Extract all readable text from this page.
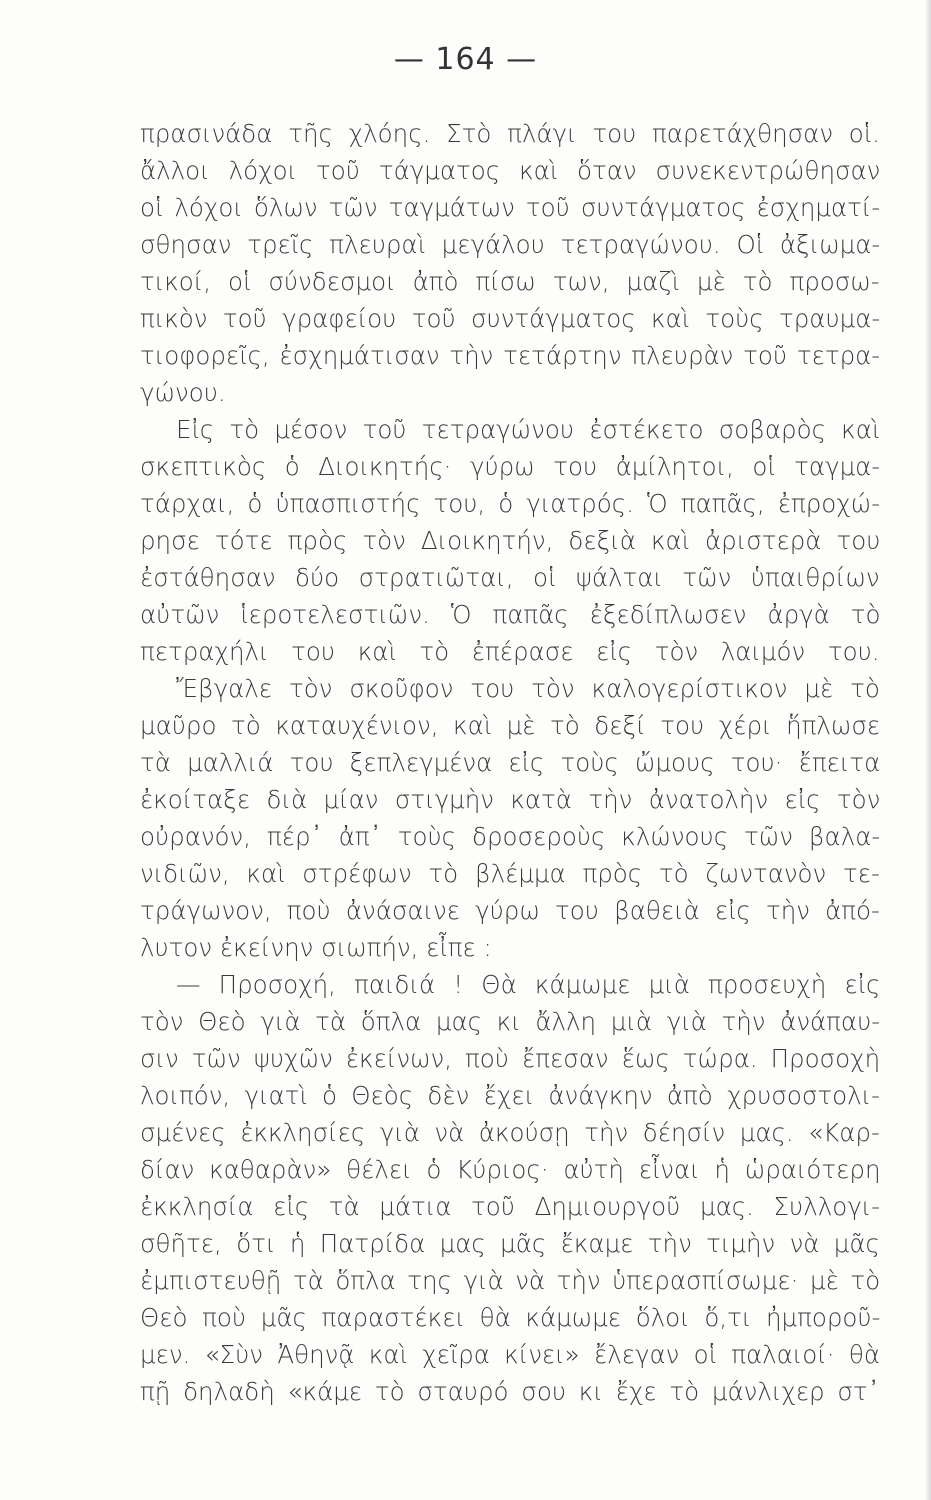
— 164 —
πρασινάδα τῆς χλόης. Στὸ πλάγι του παρετάχθησαν οἱ.
ἄλλοι λόχοι τοῦ τάγματος καὶ ὅταν συνεκεντρώθησαν
οἱ λόχοι ὅλων τῶν ταγμάτων τοῦ συντάγματος ἐσχηματί-
σθησαν τρεῖς πλευραὶ μεγάλου τετραγώνου. Οἱ ἀξιωμα-
τικοί, οἱ σύνδεσμοι ἀπὸ πίσω των, μαζὶ μὲ τὸ προσω-
πικὸν τοῦ γραφείου τοῦ συντάγματος καὶ τοὺς τραυμα-
τιοφορεῖς, ἐσχημάτισαν τὴν τετάρτην πλευρὰν τοῦ τετρα-
γώνου.
Εἰς τὸ μέσον τοῦ τετραγώνου ἐστέκετο σοβαρὸς καὶ
σκεπτικὸς ὁ Διοικητής· γύρω του ἀμίλητοι, οἱ ταγμα-
τάρχαι, ὁ ὑπασπιστής του, ὁ γιατρός. Ὁ παπᾶς, ἐπροχώ-
ρησε τότε πρὸς τὸν Διοικητήν, δεξιὰ καὶ ἀριστερὰ του
ἐστάθησαν δύο στρατιῶται, οἱ ψάλται τῶν ὑπαιθρίων
αὐτῶν ἱεροτελεστιῶν. Ὁ παπᾶς ἐξεδίπλωσεν ἀργὰ τὸ
πετραχήλι του καὶ τὸ ἐπέρασε εἰς τὸν λαιμόν του.
Ἔβγαλε τὸν σκοῦφον του τὸν καλογερίστικον μὲ τὸ
μαῦρο τὸ καταυχένιον, καὶ μὲ τὸ δεξί του χέρι ἥπλωσε
τὰ μαλλιά του ξεπλεγμένα εἰς τοὺς ὤμους του· ἔπειτα
ἐκοίταξε διὰ μίαν στιγμὴν κατὰ τὴν ἀνατολὴν εἰς τὸν
οὐρανόν, πέρ᾽ ἀπ᾽ τοὺς δροσεροὺς κλώνους τῶν βαλα-
νιδιῶν, καὶ στρέφων τὸ βλέμμα πρὸς τὸ ζωντανὸν τε-
τράγωνον, ποὺ ἀνάσαινε γύρω του βαθειὰ εἰς τὴν ἀπό-
λυτον ἐκείνην σιωπήν, εἶπε :
— Προσοχή, παιδιά ! Θὰ κάμωμε μιὰ προσευχὴ εἰς
τὸν Θεὸ γιὰ τὰ ὅπλα μας κι ἄλλη μιὰ γιὰ τὴν ἀνάπαυ-
σιν τῶν ψυχῶν ἐκείνων, ποὺ ἔπεσαν ἕως τώρα. Προσοχὴ
λοιπόν, γιατὶ ὁ Θεὸς δὲν ἔχει ἀνάγκην ἀπὸ χρυσοστολι-
σμένες ἐκκλησίες γιὰ νὰ ἀκούσῃ τὴν δέησίν μας. «Καρ-
δίαν καθαρὰν» θέλει ὁ Κύριος· αὐτὴ εἶναι ἡ ὡραιότερη
ἐκκλησία εἰς τὰ μάτια τοῦ Δημιουργοῦ μας. Συλλογι-
σθῆτε, ὅτι ἡ Πατρίδα μας μᾶς ἔκαμε τὴν τιμὴν νὰ μᾶς
ἐμπιστευθῇ τὰ ὅπλα της γιὰ νὰ τὴν ὑπερασπίσωμε· μὲ τὸ
Θεὸ ποὺ μᾶς παραστέκει θὰ κάμωμε ὅλοι ὅ,τι ἠμποροῦ-
μεν. «Σὺν Ἀθηνᾷ καὶ χεῖρα κίνει» ἔλεγαν οἱ παλαιοί· θὰ
πῇ δηλαδὴ «κάμε τὸ σταυρό σου κι ἔχε τὸ μάνλιχερ στ᾽
